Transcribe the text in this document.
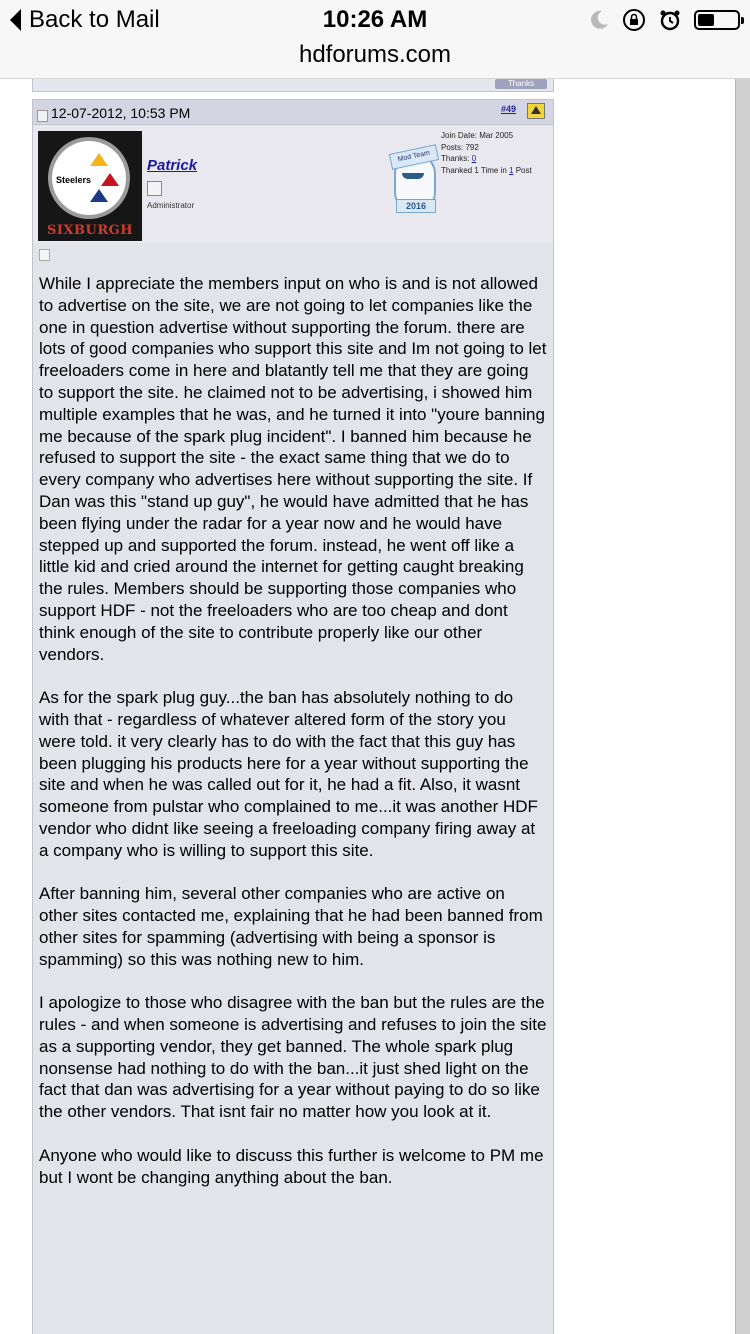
Back to Mail	10:26 AM
hdforums.com
Thanks
12-07-2012, 10:53 PM	#49
Steelers
SIXBURGH
Patrick
Administrator
Mod Team
2016
Join Date: Mar 2005
Posts: 792
Thanks: 0
Thanked 1 Time in 1 Post

While I appreciate the members input on who is and is not allowed to advertise on the site, we are not going to let companies like the one in question advertise without supporting the forum. there are lots of good companies who support this site and Im not going to let freeloaders come in here and blatantly tell me that they are going to support the site. he claimed not to be advertising, i showed him multiple examples that he was, and he turned it into "youre banning me because of the spark plug incident". I banned him because he refused to support the site - the exact same thing that we do to every company who advertises here without supporting the site. If Dan was this "stand up guy", he would have admitted that he has been flying under the radar for a year now and he would have stepped up and supported the forum. instead, he went off like a little kid and cried around the internet for getting caught breaking the rules. Members should be supporting those companies who support HDF - not the freeloaders who are too cheap and dont think enough of the site to contribute properly like our other vendors.

As for the spark plug guy...the ban has absolutely nothing to do with that - regardless of whatever altered form of the story you were told. it very clearly has to do with the fact that this guy has been plugging his products here for a year without supporting the site and when he was called out for it, he had a fit. Also, it wasnt someone from pulstar who complained to me...it was another HDF vendor who didnt like seeing a freeloading company firing away at a company who is willing to support this site.

After banning him, several other companies who are active on other sites contacted me, explaining that he had been banned from other sites for spamming (advertising with being a sponsor is spamming) so this was nothing new to him.

I apologize to those who disagree with the ban but the rules are the rules - and when someone is advertising and refuses to join the site as a supporting vendor, they get banned. The whole spark plug nonsense had nothing to do with the ban...it just shed light on the fact that dan was advertising for a year without paying to do so like the other vendors. That isnt fair no matter how you look at it.

Anyone who would like to discuss this further is welcome to PM me but I wont be changing anything about the ban.
